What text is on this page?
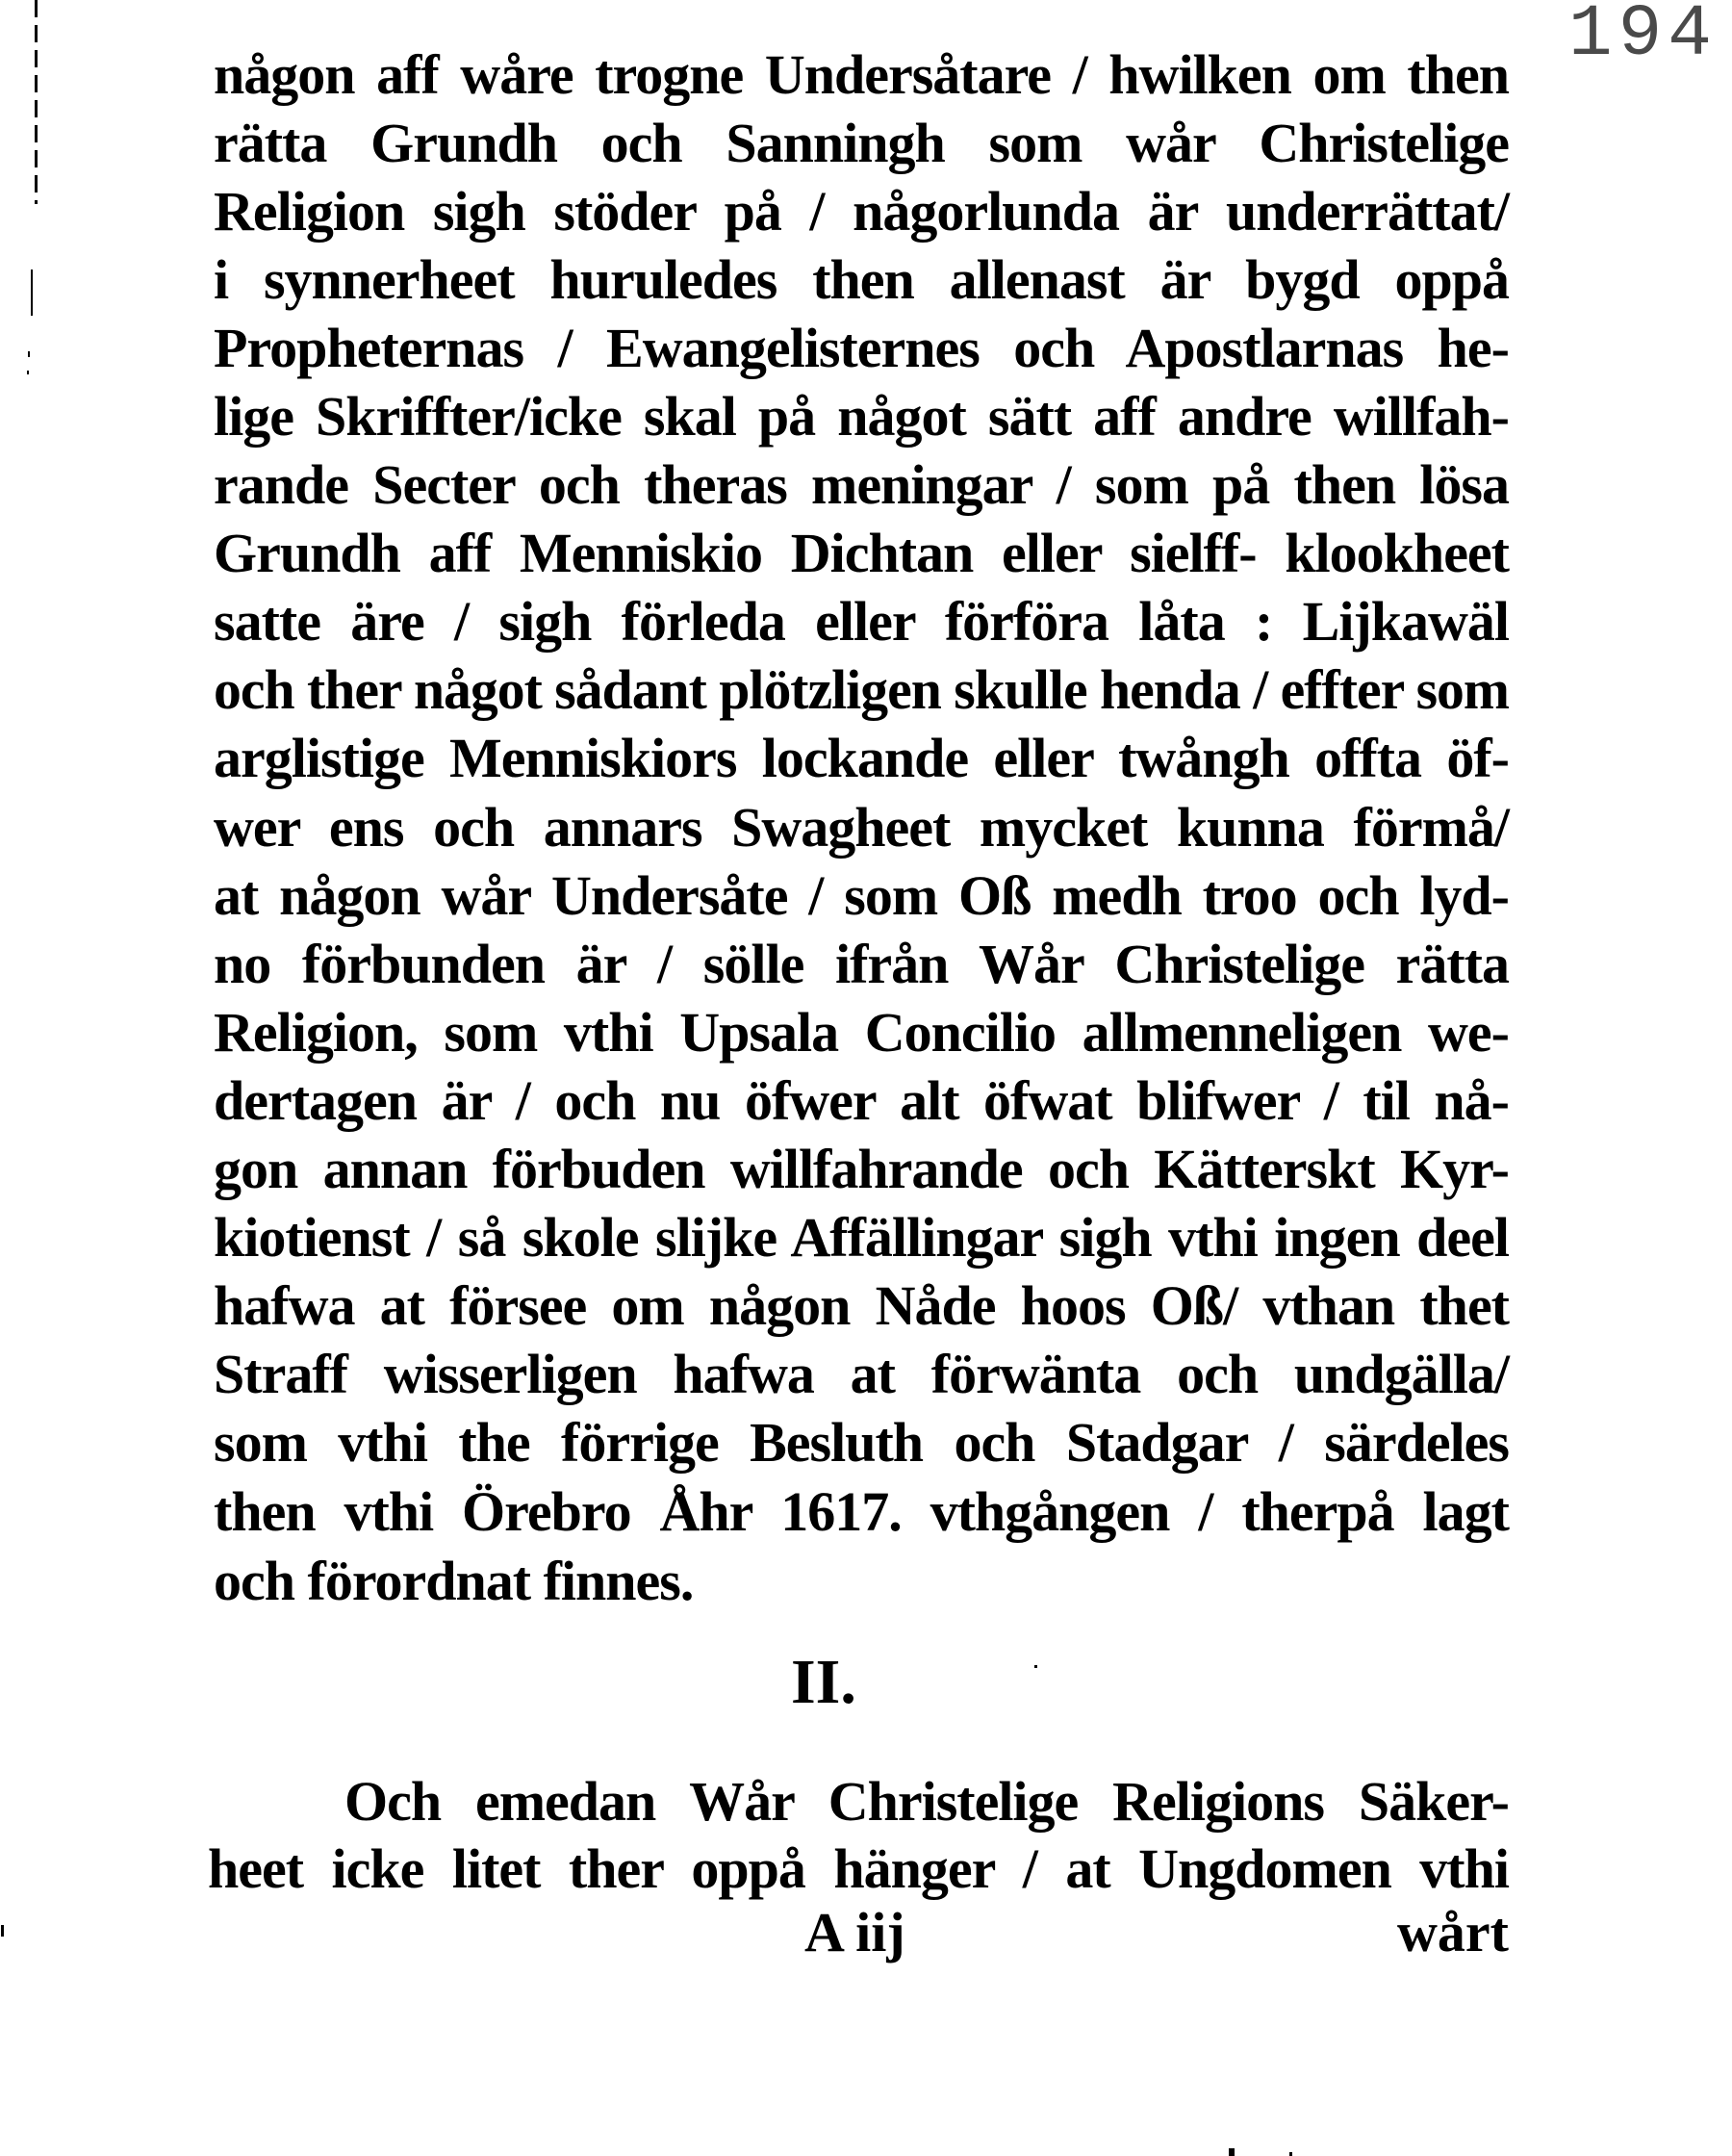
194
någon aff wåre trogne Undersåtare / hwilken om then
rätta Grundh och Sanningh som wår Christelige
Religion sigh stöder på / någorlunda är underrättat/
i synnerheet huruledes then allenast är bygd oppå
Propheternas / Ewangelisternes och Apostlarnas he-
lige Skriffter/icke skal på något sätt aff andre willfah-
rande Secter och theras meningar / som på then lösa
Grundh aff Menniskio Dichtan eller sielff- klookheet
satte äre / sigh förleda eller förföra låta : Lijkawäl
och ther något sådant plötzligen skulle henda / effter som
arglistige Menniskiors lockande eller twångh offta öf-
wer ens och annars Swagheet mycket kunna förmå/
at någon wår Undersåte / som Oß medh troo och lyd-
no förbunden är / sölle ifrån Wår Christelige rätta
Religion, som vthi Upsala Concilio allmenneligen we-
dertagen är / och nu öfwer alt öfwat blifwer / til nå-
gon annan förbuden willfahrande och Kätterskt Kyr-
kiotienst / så skole slijke Affällingar sigh vthi ingen deel
hafwa at försee om någon Nåde hoos Oß/ vthan thet
Straff wisserligen hafwa at förwänta och undgälla/
som vthi the förrige Besluth och Stadgar / särdeles
then vthi Örebro Åhr 1617. vthgången / therpå lagt
och förordnat finnes.
II.
Och emedan Wår Christelige Religions Säker-
heet icke litet ther oppå hänger / at Ungdomen vthi
A iij	wårt
